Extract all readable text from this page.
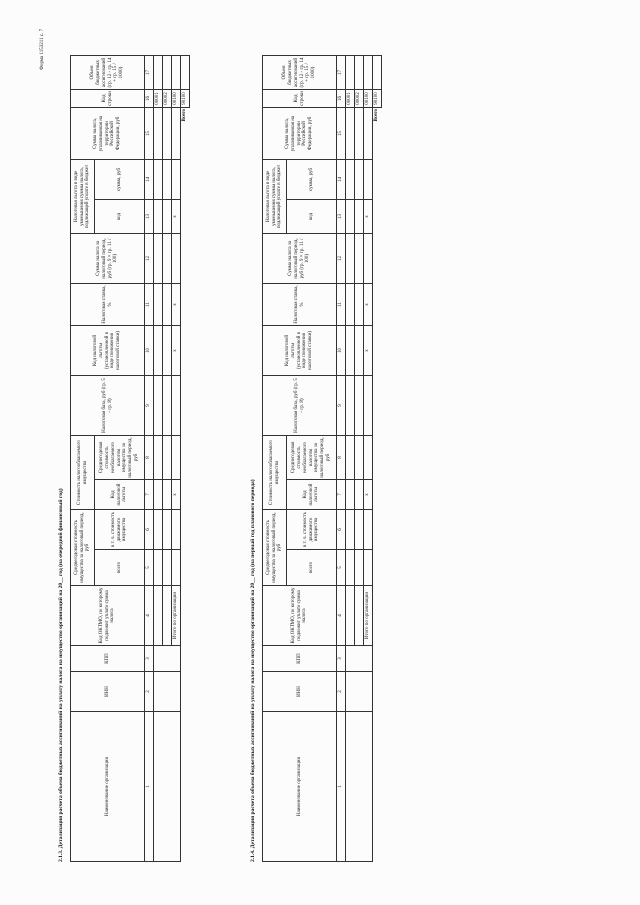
Форма 1153211 с. 7
2.1.3. Детализация расчета объема бюджетных ассигнований на уплату налога на имущество организаций на 20__ год (на очередной финансовый год)	Наименование организации	ИНН	КПП	Код ОКТМО, по которому подлежит уплате сумма налога	Среднегодовая стоимость имущества за налоговый период, руб		Стоимость налогооблагаемого имущества		Налоговая база, руб (гр. 5 - гр. 8)	Код налоговой льготы (установленной в виде понижения налоговой ставки)	Налоговая ставка, %	Сумма налога за налоговый период, руб (гр. 9 × гр. 11 / 100)	Налоговая льгота в виде уменьшения суммы налога, подлежащей уплате в бюджет		Сумма налога, уплачиваемая на территории Российской Федерации, руб	Код строки	Объем бюджетных ассигнований (гр. 12 - гр. 14 + гр. 15 / 1000)
				всего	в т. ч. стоимость движимого имущества	Код налоговой льготы	Среднегодовая стоимость необлагаемого налогом имущества за налоговый период, руб					код	сумма, руб			
1	2	3	4	5	6	7	8	9	10	11	12	13	14	15	16	17
															00001	
															00002	
			Итого по организации			х			х	х		х			00100	
Всего															90100	
2.1.4. Детализация расчета объема бюджетных ассигнований на уплату налога на имущество организаций на 20__ год (на первый год планового периода)	Наименование организации	ИНН	КПП	Код ОКТМО, по которому подлежит уплате сумма налога	Среднегодовая стоимость имущества за налоговый период, руб		Стоимость налогооблагаемого имущества		Налоговая база, руб (гр. 5 - гр. 8)	Код налоговой льготы (установленной в виде понижения налоговой ставки)	Налоговая ставка, %	Сумма налога за налоговый период, руб (гр. 9 × гр. 11 / 100)	Налоговая льгота в виде уменьшения суммы налога, подлежащей уплате в бюджет		Сумма налога, уплачиваемая на территории Российской Федерации, руб	Код строки	Объем бюджетных ассигнований (гр. 12 - гр. 14 + гр. 15 / 1000)
				всего	в т. ч. стоимость движимого имущества	Код налоговой льготы	Среднегодовая стоимость необлагаемого налогом имущества за налоговый период, руб					код	сумма, руб			
1	2	3	4	5	6	7	8	9	10	11	12	13	14	15	16	17
															00001	
															00002	
			Итого по организации			х			х	х		х			00100	
Всего															90100	
